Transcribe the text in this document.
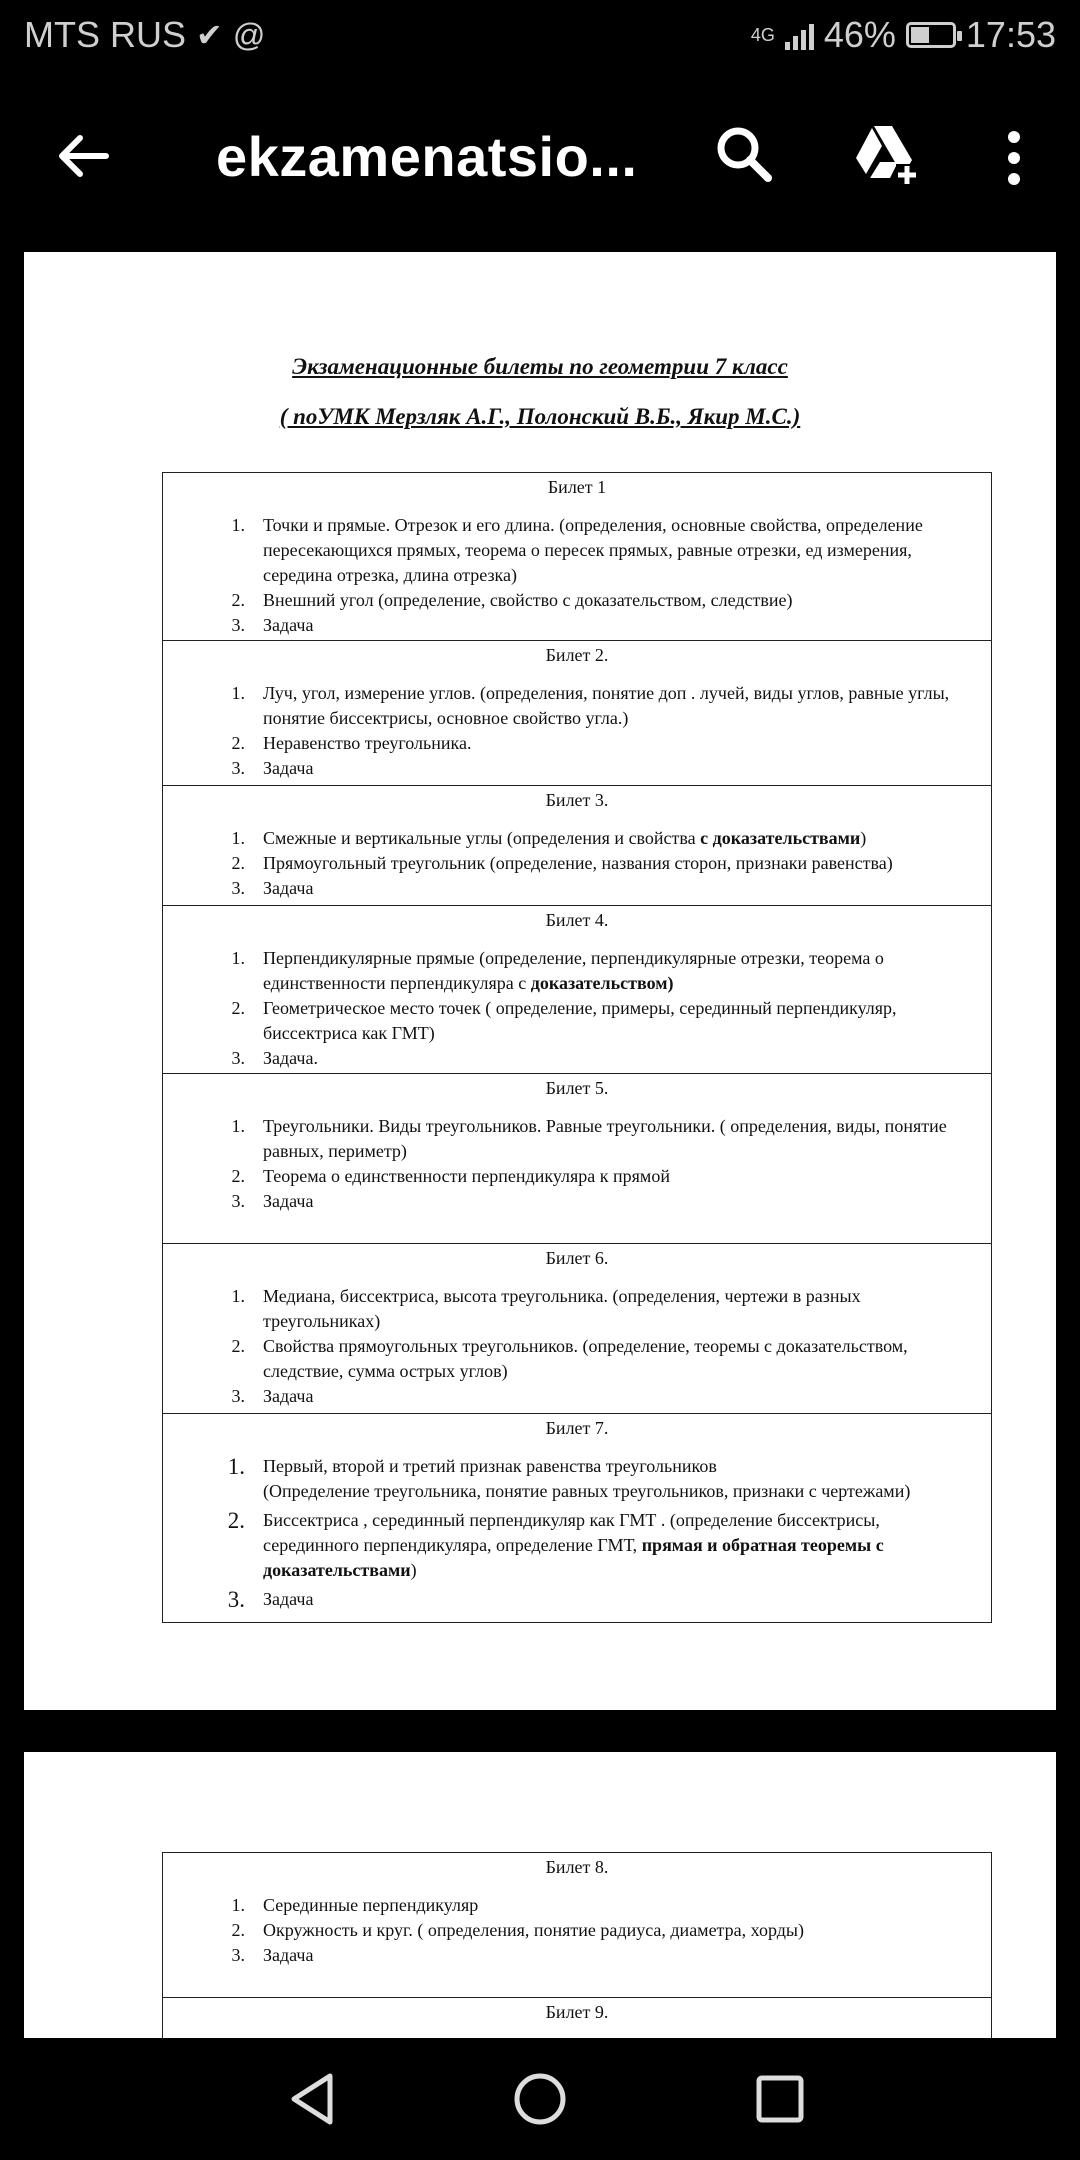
MTS RUS ✔ @	4G 46% 17:53
ekzamenatsio...
Экзаменационные билеты по геометрии 7 класс
( поУМК Мерзляк А.Г., Полонский В.Б., Якир М.С.)
Билет 1
1.	Точки и прямые. Отрезок и его длина. (определения, основные свойства, определение пересекающихся прямых, теорема о пересек прямых, равные отрезки, ед измерения, середина отрезка, длина отрезка)
2.	Внешний угол (определение, свойство с доказательством, следствие)
3.	Задача
Билет 2.
1.	Луч, угол, измерение углов. (определения, понятие доп . лучей, виды углов, равные углы, понятие биссектрисы, основное свойство угла.)
2.	Неравенство треугольника.
3.	Задача
Билет 3.
1.	Смежные и вертикальные углы (определения и свойства с доказательствами)
2.	Прямоугольный треугольник (определение, названия сторон, признаки равенства)
3.	Задача
Билет 4.
1.	Перпендикулярные прямые (определение, перпендикулярные отрезки, теорема о единственности перпендикуляра с доказательством)
2.	Геометрическое место точек ( определение, примеры, серединный перпендикуляр, биссектриса как ГМТ)
3.	Задача.
Билет 5.
1.	Треугольники. Виды треугольников. Равные треугольники. ( определения, виды, понятие равных, периметр)
2.	Теорема о единственности перпендикуляра к прямой
3.	Задача
Билет 6.
1.	Медиана, биссектриса, высота треугольника. (определения, чертежи в разных треугольниках)
2.	Свойства прямоугольных треугольников. (определение, теоремы с доказательством, следствие, сумма острых углов)
3.	Задача
Билет 7.
1.	Первый, второй и третий признак равенства треугольников
(Определение треугольника, понятие равных треугольников, признаки с чертежами)
2.	Биссектриса , серединный перпендикуляр как ГМТ . (определение биссектрисы, серединного перпендикуляра, определение ГМТ, прямая и обратная теоремы с доказательствами)
3.	Задача
Билет 8.
1.	Серединные перпендикуляр
2.	Окружность и круг. ( определения, понятие радиуса, диаметра, хорды)
3.	Задача
Билет 9.
